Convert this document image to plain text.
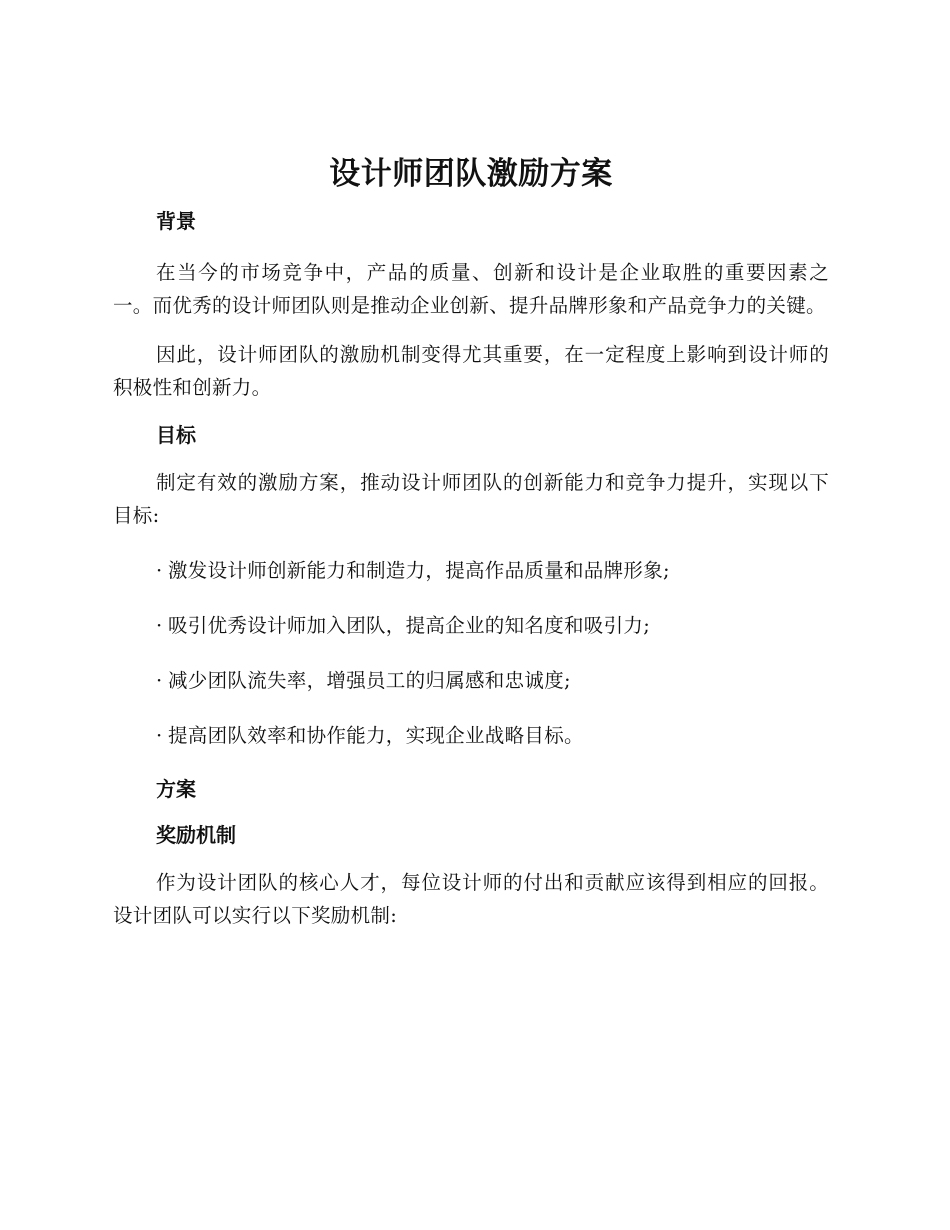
设计师团队激励方案
背景

在当今的市场竞争中，产品的质量、创新和设计是企业取胜的重要因素之一。而优秀的设计师团队则是推动企业创新、提升品牌形象和产品竞争力的关键。

因此，设计师团队的激励机制变得尤其重要，在一定程度上影响到设计师的积极性和创新力。

目标

制定有效的激励方案，推动设计师团队的创新能力和竞争力提升，实现以下目标:

· 激发设计师创新能力和制造力，提高作品质量和品牌形象;
· 吸引优秀设计师加入团队，提高企业的知名度和吸引力;
· 减少团队流失率，增强员工的归属感和忠诚度;
· 提高团队效率和协作能力，实现企业战略目标。
方案
奖励机制

作为设计团队的核心人才，每位设计师的付出和贡献应该得到相应的回报。设计团队可以实行以下奖励机制:
